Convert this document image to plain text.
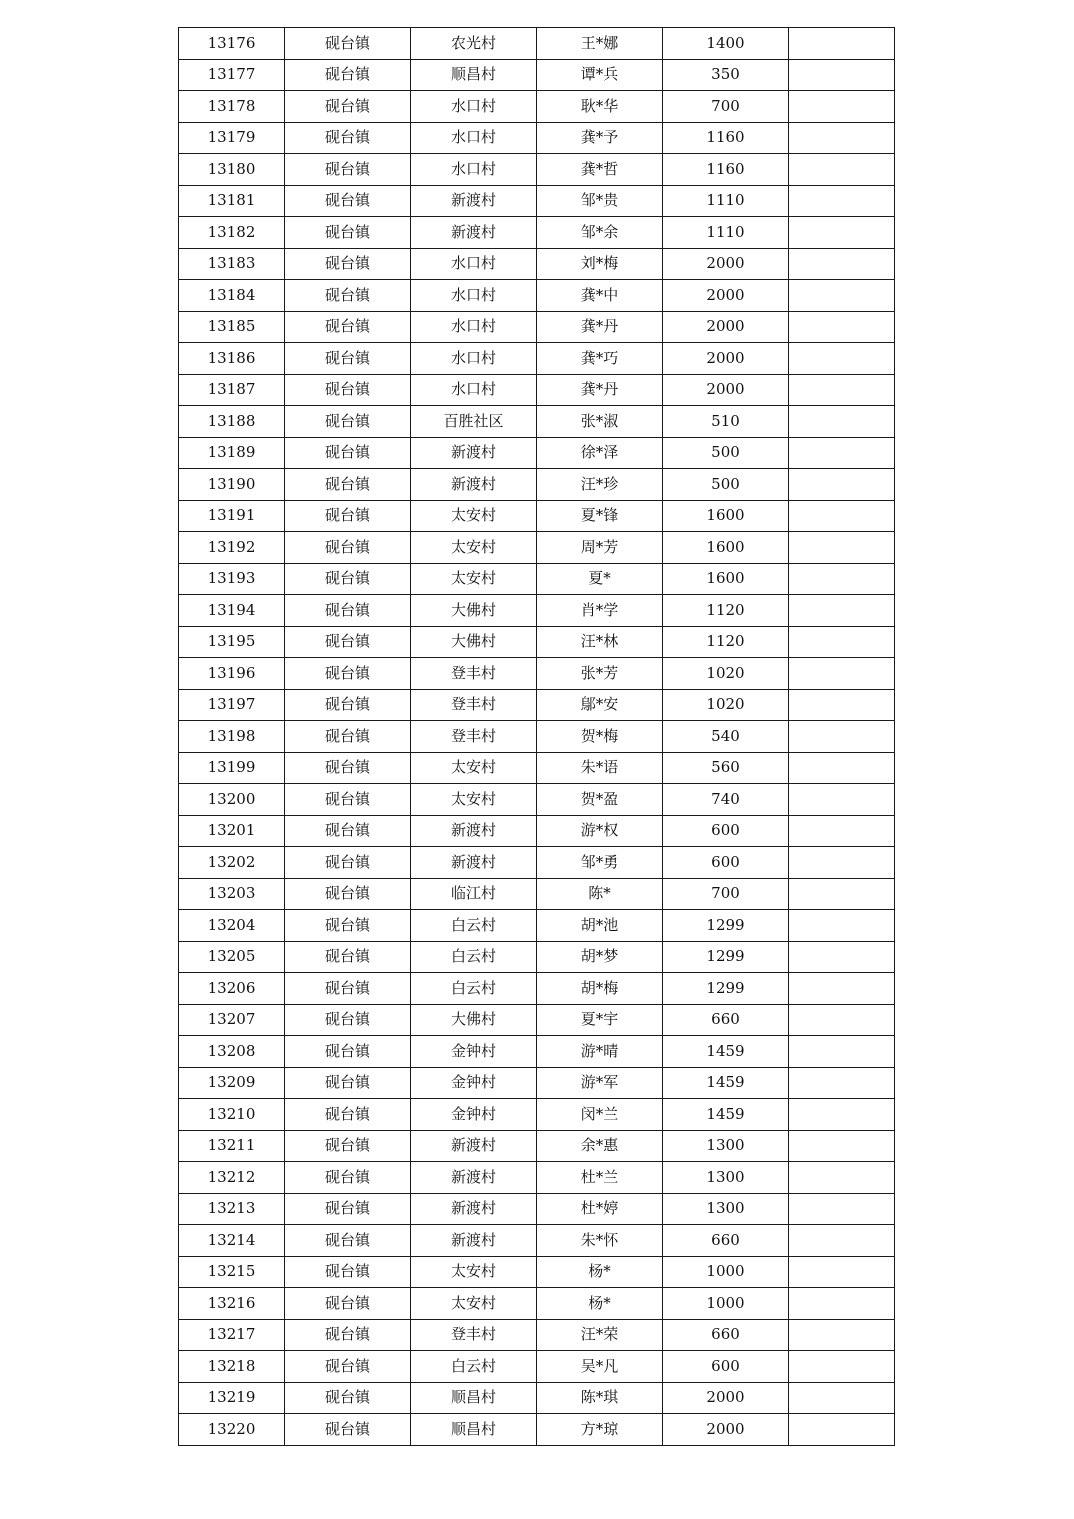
13176	砚台镇	农光村	王*娜	1400	
13177	砚台镇	顺昌村	谭*兵	350	
13178	砚台镇	水口村	耿*华	700	
13179	砚台镇	水口村	龚*予	1160	
13180	砚台镇	水口村	龚*哲	1160	
13181	砚台镇	新渡村	邹*贵	1110	
13182	砚台镇	新渡村	邹*余	1110	
13183	砚台镇	水口村	刘*梅	2000	
13184	砚台镇	水口村	龚*中	2000	
13185	砚台镇	水口村	龚*丹	2000	
13186	砚台镇	水口村	龚*巧	2000	
13187	砚台镇	水口村	龚*丹	2000	
13188	砚台镇	百胜社区	张*淑	510	
13189	砚台镇	新渡村	徐*泽	500	
13190	砚台镇	新渡村	汪*珍	500	
13191	砚台镇	太安村	夏*锋	1600	
13192	砚台镇	太安村	周*芳	1600	
13193	砚台镇	太安村	夏*	1600	
13194	砚台镇	大佛村	肖*学	1120	
13195	砚台镇	大佛村	汪*林	1120	
13196	砚台镇	登丰村	张*芳	1020	
13197	砚台镇	登丰村	鄔*安	1020	
13198	砚台镇	登丰村	贺*梅	540	
13199	砚台镇	太安村	朱*语	560	
13200	砚台镇	太安村	贺*盈	740	
13201	砚台镇	新渡村	游*权	600	
13202	砚台镇	新渡村	邹*勇	600	
13203	砚台镇	临江村	陈*	700	
13204	砚台镇	白云村	胡*池	1299	
13205	砚台镇	白云村	胡*梦	1299	
13206	砚台镇	白云村	胡*梅	1299	
13207	砚台镇	大佛村	夏*宇	660	
13208	砚台镇	金钟村	游*晴	1459	
13209	砚台镇	金钟村	游*军	1459	
13210	砚台镇	金钟村	闵*兰	1459	
13211	砚台镇	新渡村	余*惠	1300	
13212	砚台镇	新渡村	杜*兰	1300	
13213	砚台镇	新渡村	杜*婷	1300	
13214	砚台镇	新渡村	朱*怀	660	
13215	砚台镇	太安村	杨*	1000	
13216	砚台镇	太安村	杨*	1000	
13217	砚台镇	登丰村	汪*荣	660	
13218	砚台镇	白云村	吴*凡	600	
13219	砚台镇	顺昌村	陈*琪	2000	
13220	砚台镇	顺昌村	方*琼	2000	
